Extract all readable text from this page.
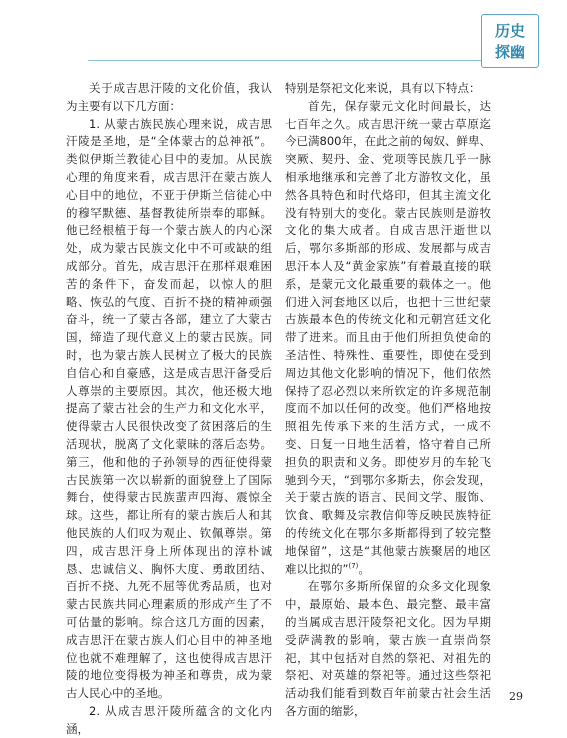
历史
探幽

关于成吉思汗陵的文化价值，我认为主要有以下几方面：

1. 从蒙古族民族心理来说，成吉思汗陵是圣地，是“全体蒙古的总神祇”。类似伊斯兰教徒心目中的麦加。从民族心理的角度来看，成吉思汗在蒙古族人心目中的地位，不亚于伊斯兰信徒心中的穆罕默德、基督教徒所崇奉的耶稣。他已经根植于每一个蒙古族人的内心深处，成为蒙古民族文化中不可或缺的组成部分。首先，成吉思汗在那样艰难困苦的条件下，奋发而起，以惊人的胆略、恢弘的气度、百折不挠的精神顽强奋斗，统一了蒙古各部，建立了大蒙古国，缔造了现代意义上的蒙古民族。同时，也为蒙古族人民树立了极大的民族自信心和自豪感，这是成吉思汗备受后人尊崇的主要原因。其次，他还极大地提高了蒙古社会的生产力和文化水平，使得蒙古人民很快改变了贫困落后的生活现状，脱离了文化蒙昧的落后态势。第三，他和他的子孙领导的西征使得蒙古民族第一次以崭新的面貌登上了国际舞台，使得蒙古民族蜚声四海、震惊全球。这些，都让所有的蒙古族后人和其他民族的人们叹为观止、钦佩尊崇。第四，成吉思汗身上所体现出的淳朴诚恳、忠诚信义、胸怀大度、勇敢团结、百折不挠、九死不屈等优秀品质，也对蒙古民族共同心理素质的形成产生了不可估量的影响。综合这几方面的因素，成吉思汗在蒙古族人们心目中的神圣地位也就不难理解了，这也使得成吉思汗陵的地位变得极为神圣和尊贵，成为蒙古人民心中的圣地。

2. 从成吉思汗陵所蕴含的文化内涵，

特别是祭祀文化来说，具有以下特点：

首先，保存蒙元文化时间最长，达七百年之久。成吉思汗统一蒙古草原迄今已满800年，在此之前的匈奴、鲜卑、突厥、契丹、金、党项等民族几乎一脉相承地继承和完善了北方游牧文化，虽然各具特色和时代烙印，但其主流文化没有特别大的变化。蒙古民族则是游牧文化的集大成者。自成吉思汗逝世以后，鄂尔多斯部的形成、发展都与成吉思汗本人及“黄金家族”有着最直接的联系，是蒙元文化最重要的载体之一。他们进入河套地区以后，也把十三世纪蒙古族最本色的传统文化和元朝宫廷文化带了进来。而且由于他们所担负使命的圣洁性、特殊性、重要性，即使在受到周边其他文化影响的情况下，他们依然保持了忍必烈以来所钦定的许多规范制度而不加以任何的改变。他们严格地按照祖先传承下来的生活方式，一成不变、日复一日地生活着，恪守着自己所担负的职责和义务。即使岁月的车轮飞驰到今天，“到鄂尔多斯去，你会发现，关于蒙古族的语言、民间文学、服饰、饮食、歌舞及宗教信仰等反映民族特征的传统文化在鄂尔多斯都得到了较完整地保留”，这是“其他蒙古族聚居的地区难以比拟的”$^{(7)}$。

在鄂尔多斯所保留的众多文化现象中，最原始、最本色、最完整、最丰富的当属成吉思汗陵祭祀文化。因为早期受萨满教的影响，蒙古族一直崇尚祭祀，其中包括对自然的祭祀、对祖先的祭祀、对英雄的祭祀等。通过这些祭祀活动我们能看到数百年前蒙古社会生活各方面的缩影，

29
